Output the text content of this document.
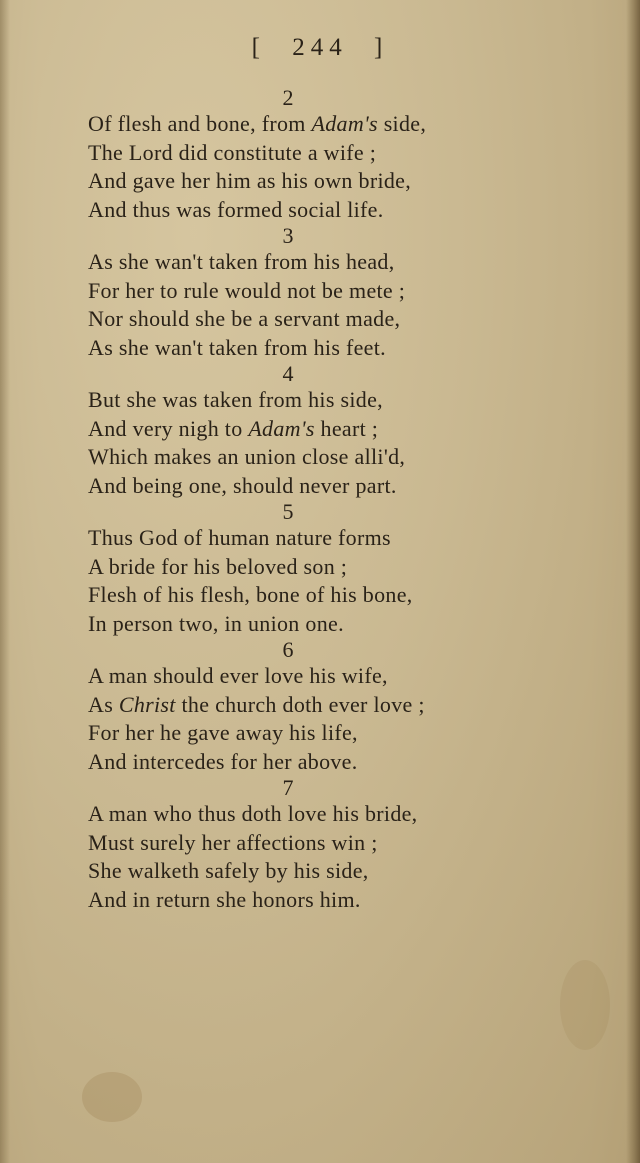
[ 244 ]
2
Of flesh and bone, from Adam's side,
The Lord did constitute a wife ;
And gave her him as his own bride,
And thus was formed social life.
3
As she wan't taken from his head,
For her to rule would not be mete ;
Nor should she be a servant made,
As she wan't taken from his feet.
4
But she was taken from his side,
And very nigh to Adam's heart ;
Which makes an union close alli'd,
And being one, should never part.
5
Thus God of human nature forms
A bride for his beloved son ;
Flesh of his flesh, bone of his bone,
In person two, in union one.
6
A man should ever love his wife,
As Christ the church doth ever love ;
For her he gave away his life,
And intercedes for her above.
7
A man who thus doth love his bride,
Must surely her affections win ;
She walketh safely by his side,
And in return she honors him.
